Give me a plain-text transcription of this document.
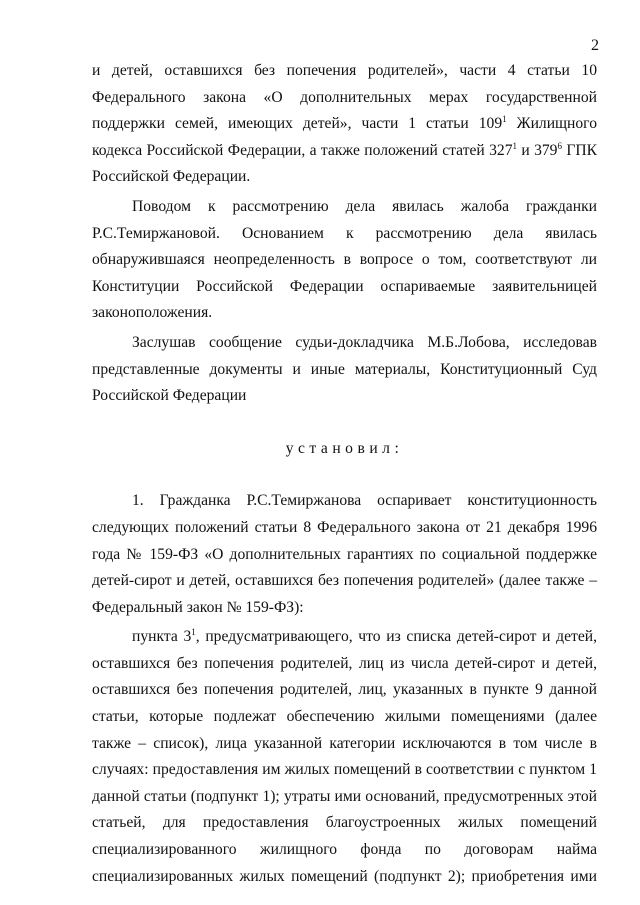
2

и детей, оставшихся без попечения родителей», части 4 статьи 10 Федерального закона «О дополнительных мерах государственной поддержки семей, имеющих детей», части 1 статьи $109^1$ Жилищного кодекса Российской Федерации, а также положений статей $327^1$ и $379^6$ ГПК Российской Федерации.

Поводом к рассмотрению дела явилась жалоба гражданки Р.С.Темиржановой. Основанием к рассмотрению дела явилась обнаружившаяся неопределенность в вопросе о том, соответствуют ли Конституции Российской Федерации оспариваемые заявительницей законоположения.

Заслушав сообщение судьи-докладчика М.Б.Лобова, исследовав представленные документы и иные материалы, Конституционный Суд Российской Федерации

установил:

1. Гражданка Р.С.Темиржанова оспаривает конституционность следующих положений статьи 8 Федерального закона от 21 декабря 1996 года № 159-ФЗ «О дополнительных гарантиях по социальной поддержке детей-сирот и детей, оставшихся без попечения родителей» (далее также – Федеральный закон № 159-ФЗ):

пункта $3^1$, предусматривающего, что из списка детей-сирот и детей, оставшихся без попечения родителей, лиц из числа детей-сирот и детей, оставшихся без попечения родителей, лиц, указанных в пункте 9 данной статьи, которые подлежат обеспечению жилыми помещениями (далее также – список), лица указанной категории исключаются в том числе в случаях: предоставления им жилых помещений в соответствии с пунктом 1 данной статьи (подпункт 1); утраты ими оснований, предусмотренных этой статьей, для предоставления благоустроенных жилых помещений специализированного жилищного фонда по договорам найма специализированных жилых помещений (подпункт 2); приобретения ими
